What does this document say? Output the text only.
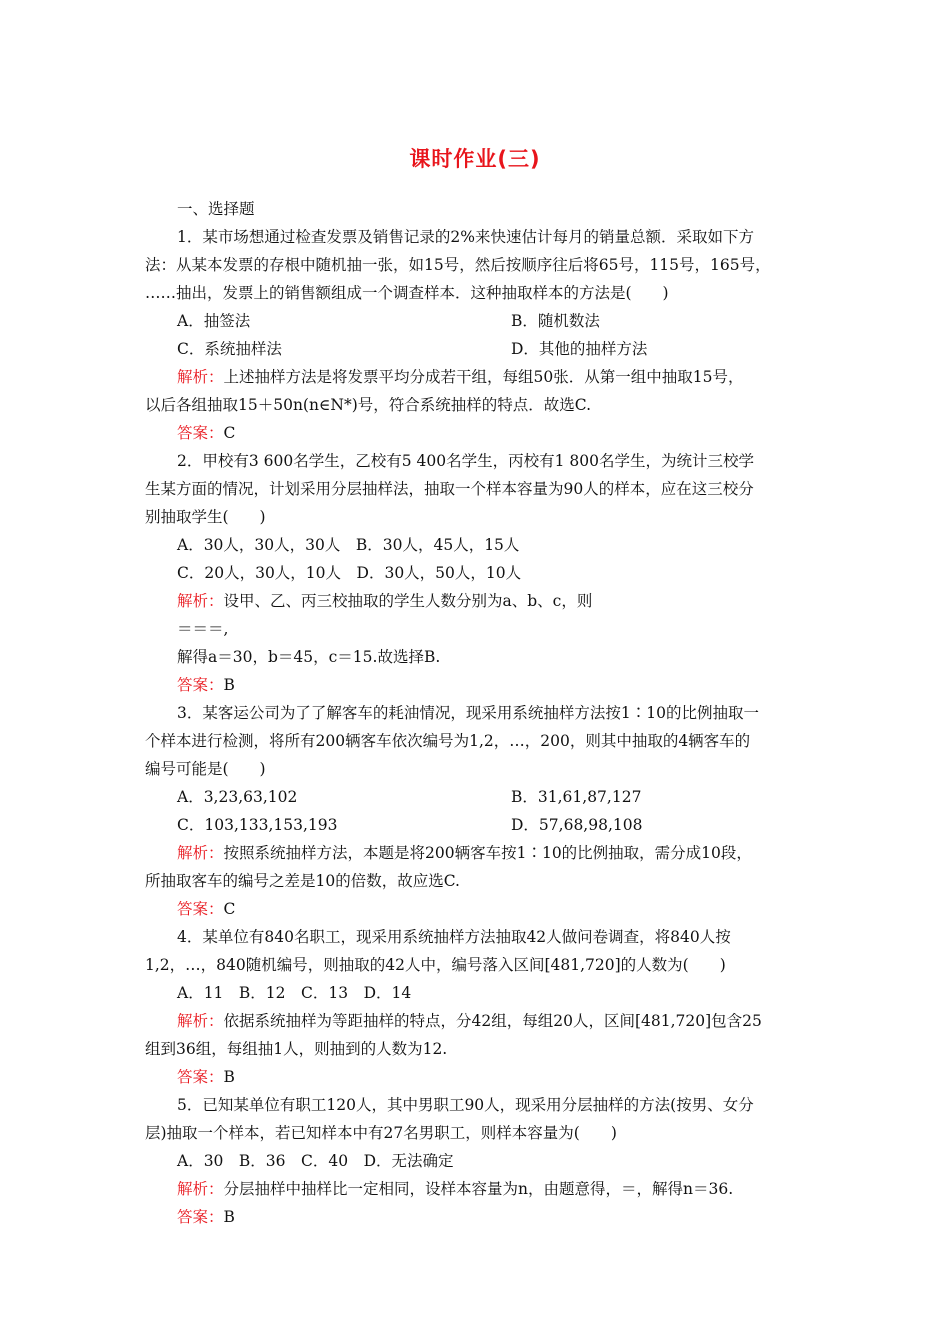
课时作业(三)
一、选择题
1．某市场想通过检查发票及销售记录的2%来快速估计每月的销量总额．采取如下方
法：从某本发票的存根中随机抽一张，如15号，然后按顺序往后将65号，115号，165号，
……抽出，发票上的销售额组成一个调查样本．这种抽取样本的方法是(　　)
A．抽签法	B．随机数法
C．系统抽样法	D．其他的抽样方法
解析：上述抽样方法是将发票平均分成若干组，每组50张．从第一组中抽取15号，
以后各组抽取15＋50n(n∈N*)号，符合系统抽样的特点．故选C.
答案：C
2．甲校有3 600名学生，乙校有5 400名学生，丙校有1 800名学生，为统计三校学
生某方面的情况，计划采用分层抽样法，抽取一个样本容量为90人的样本，应在这三校分
别抽取学生(　　)
A．30人，30人，30人　B．30人，45人，15人
C．20人，30人，10人　D．30人，50人，10人
解析：设甲、乙、丙三校抽取的学生人数分别为a、b、c，则
＝＝＝,
解得a＝30，b＝45，c＝15.故选择B.
答案：B
3．某客运公司为了了解客车的耗油情况，现采用系统抽样方法按1∶10的比例抽取一
个样本进行检测，将所有200辆客车依次编号为1,2，…，200，则其中抽取的4辆客车的
编号可能是(　　)
A．3,23,63,102	B．31,61,87,127
C．103,133,153,193	D．57,68,98,108
解析：按照系统抽样方法，本题是将200辆客车按1∶10的比例抽取，需分成10段，
所抽取客车的编号之差是10的倍数，故应选C.
答案：C
4．某单位有840名职工，现采用系统抽样方法抽取42人做问卷调查，将840人按
1,2，…，840随机编号，则抽取的42人中，编号落入区间[481,720]的人数为(　　)
A．11　B．12　C．13　D．14
解析：依据系统抽样为等距抽样的特点，分42组，每组20人，区间[481,720]包含25
组到36组，每组抽1人，则抽到的人数为12.
答案：B
5．已知某单位有职工120人，其中男职工90人，现采用分层抽样的方法(按男、女分
层)抽取一个样本，若已知样本中有27名男职工，则样本容量为(　　)
A．30　B．36　C．40　D．无法确定
解析：分层抽样中抽样比一定相同，设样本容量为n，由题意得，＝，解得n＝36.
答案：B
